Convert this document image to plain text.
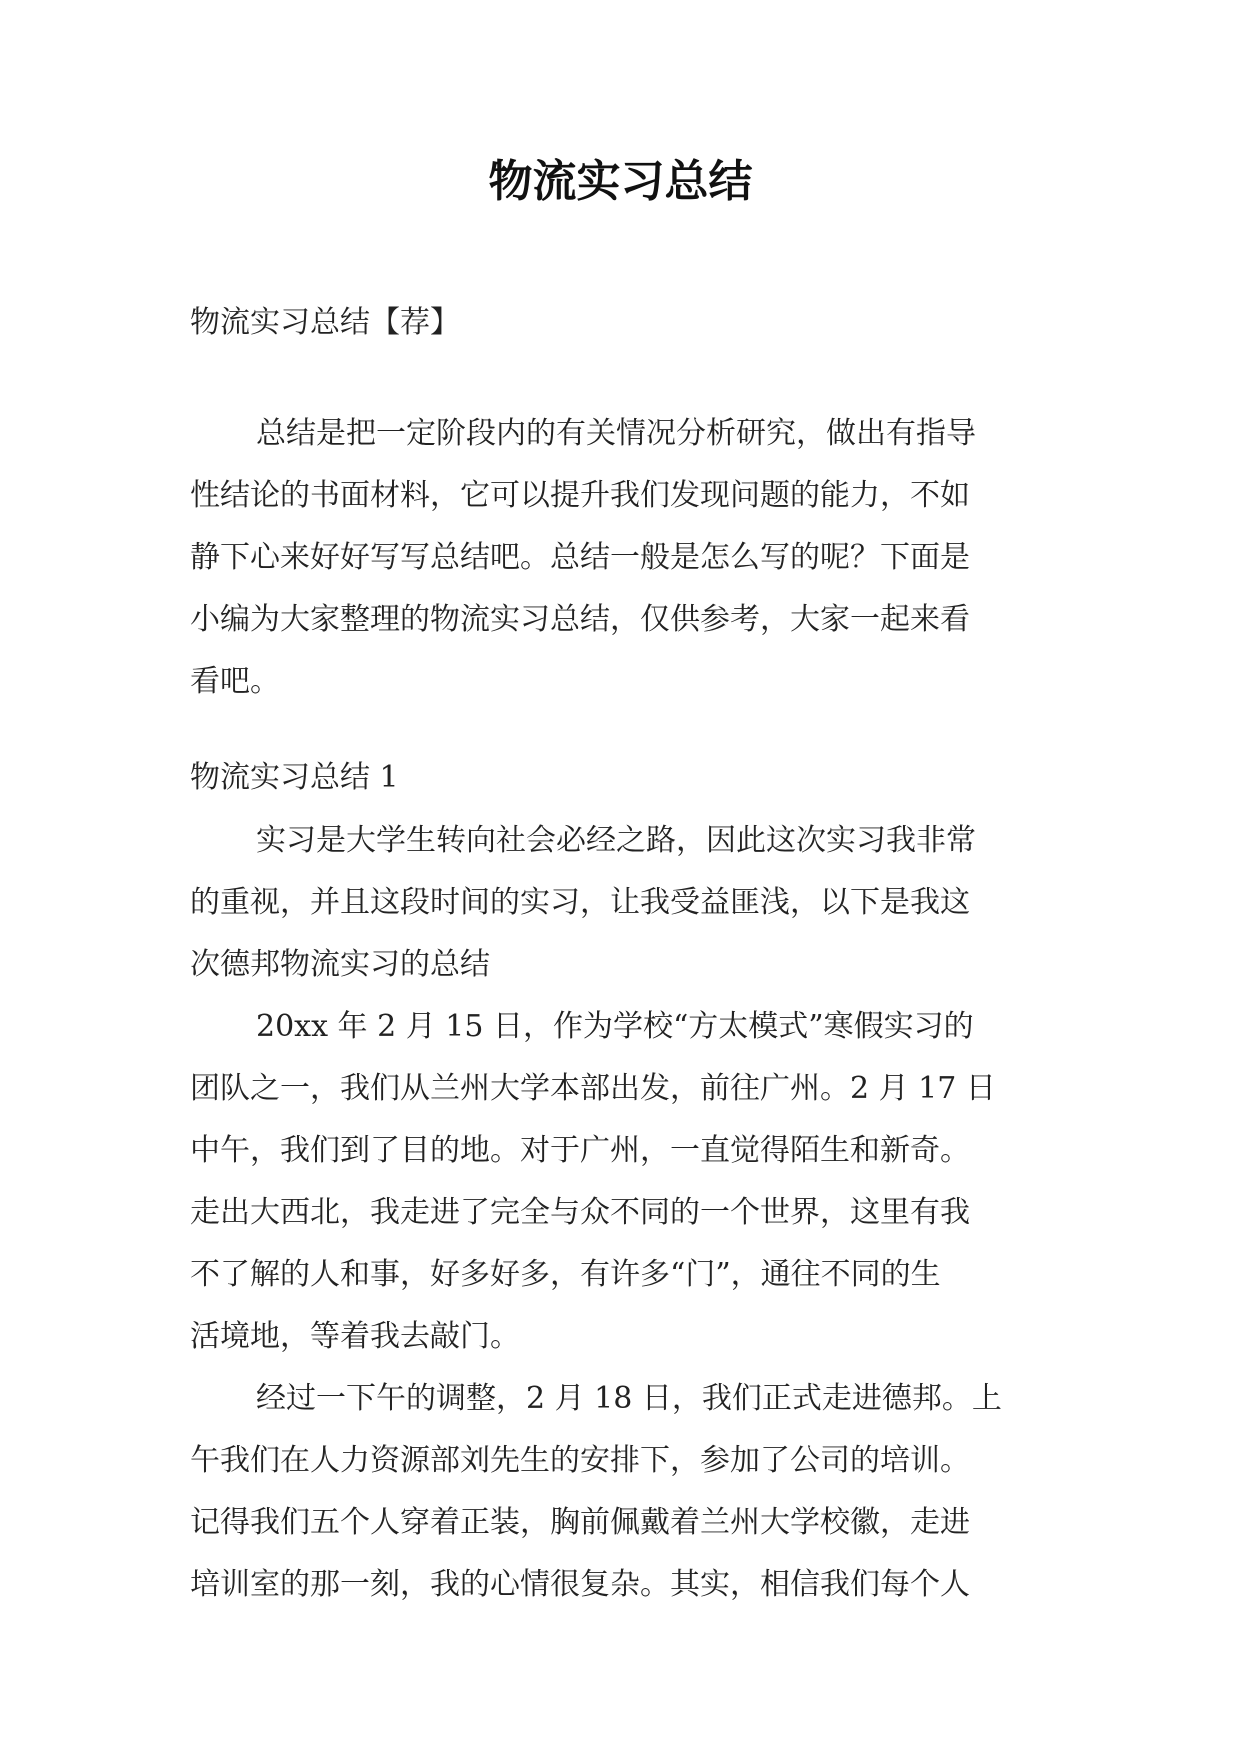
物流实习总结

物流实习总结【荐】

总结是把一定阶段内的有关情况分析研究，做出有指导

性结论的书面材料，它可以提升我们发现问题的能力，不如

静下心来好好写写总结吧。总结一般是怎么写的呢？下面是

小编为大家整理的物流实习总结，仅供参考，大家一起来看

看吧。

物流实习总结 1

实习是大学生转向社会必经之路，因此这次实习我非常

的重视，并且这段时间的实习，让我受益匪浅，以下是我这

次德邦物流实习的总结

20xx 年 2 月 15 日，作为学校“方太模式”寒假实习的

团队之一，我们从兰州大学本部出发，前往广州。2 月 17 日

中午，我们到了目的地。对于广州，一直觉得陌生和新奇。

走出大西北，我走进了完全与众不同的一个世界，这里有我

不了解的人和事，好多好多，有许多“门”，通往不同的生

活境地，等着我去敲门。

经过一下午的调整，2 月 18 日，我们正式走进德邦。上

午我们在人力资源部刘先生的安排下，参加了公司的培训。

记得我们五个人穿着正装，胸前佩戴着兰州大学校徽，走进

培训室的那一刻，我的心情很复杂。其实，相信我们每个人
